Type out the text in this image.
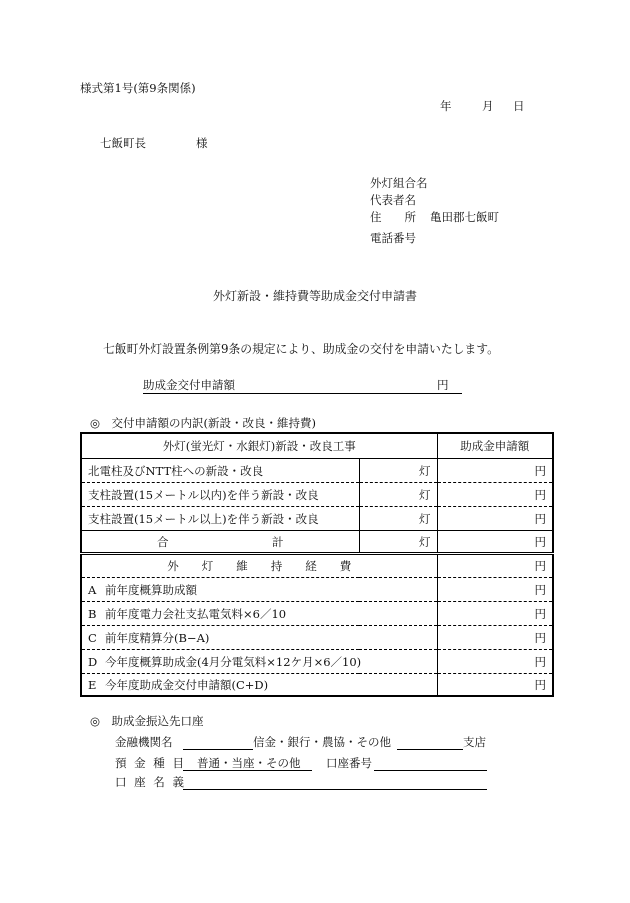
様式第1号(第9条関係)
年	月 日
七飯町長	様
外灯組合名
代表者名
住　　所 亀田郡七飯町
電話番号
外灯新設・維持費等助成金交付申請書
七飯町外灯設置条例第9条の規定により、助成金の交付を申請いたします。
助成金交付申請額	円
◎　交付申請額の内訳(新設・改良・維持費)
外灯(蛍光灯・水銀灯)新設・改良工事		助成金申請額
北電柱及びNTT柱への新設・改良	灯	円
支柱設置(15メートル以内)を伴う新設・改良	灯	円
支柱設置(15メートル以上)を伴う新設・改良	灯	円
合　　　　　　　　　計	灯	円
外　　灯　　維　　持　　経　　費		円
A 前年度概算助成額		円
B 前年度電力会社支払電気料×6／10		円
C 前年度精算分(B−A)		円
D 今年度概算助成金(4月分電気料×12ケ月×6／10)		円
E 今年度助成金交付申請額(C+D)		円
◎　助成金振込先口座
金融機関名	信金・銀行・農協・その他	支店
預 金 種 目 普通・当座・その他 口座番号
口 座 名 義
